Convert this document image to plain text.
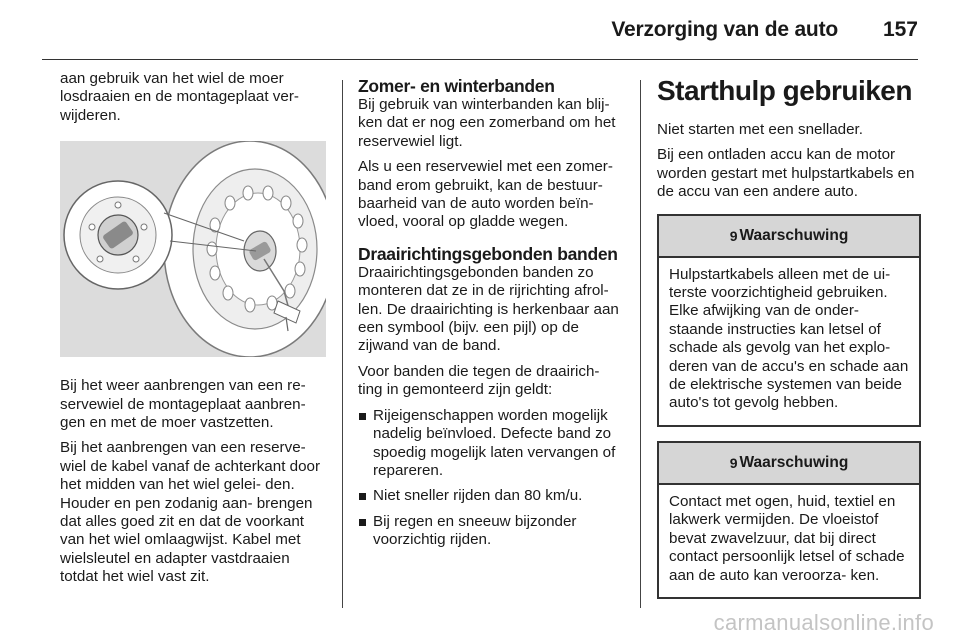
Verzorging van de auto 157

aan gebruik van het wiel de moer losdraaien en de montageplaat ver- wijderen.

Bij het weer aanbrengen van een re- servewiel de montageplaat aanbren- gen en met de moer vastzetten.

Bij het aanbrengen van een reserve- wiel de kabel vanaf de achterkant door het midden van het wiel gelei- den. Houder en pen zodanig aan- brengen dat alles goed zit en dat de voorkant van het wiel omlaagwijst. Kabel met wielsleutel en adapter vastdraaien totdat het wiel vast zit.

Zomer- en winterbanden

Bij gebruik van winterbanden kan blij- ken dat er nog een zomerband om het reservewiel ligt.

Als u een reservewiel met een zomer- band erom gebruikt, kan de bestuur- baarheid van de auto worden beïn- vloed, vooral op gladde wegen.

Draairichtingsgebonden banden

Draairichtingsgebonden banden zo monteren dat ze in de rijrichting afrol- len. De draairichting is herkenbaar aan een symbool (bijv. een pijl) op de zijwand van de band.

Voor banden die tegen de draairich- ting in gemonteerd zijn geldt:

Rijeigenschappen worden mogelijk nadelig beïnvloed. Defecte band zo spoedig mogelijk laten vervangen of repareren.
Niet sneller rijden dan 80 km/u.
Bij regen en sneeuw bijzonder voorzichtig rijden.
Starthulp gebruiken

Niet starten met een snellader.

Bij een ontladen accu kan de motor worden gestart met hulpstartkabels en de accu van een andere auto.

9 Waarschuwing
Hulpstartkabels alleen met de ui- terste voorzichtigheid gebruiken. Elke afwijking van de onder- staande instructies kan letsel of schade als gevolg van het explo- deren van de accu's en schade aan de elektrische systemen van beide auto's tot gevolg hebben.
9 Waarschuwing
Contact met ogen, huid, textiel en lakwerk vermijden. De vloeistof bevat zwavelzuur, dat bij direct contact persoonlijk letsel of schade aan de auto kan veroorza- ken.
carmanualsonline.info
